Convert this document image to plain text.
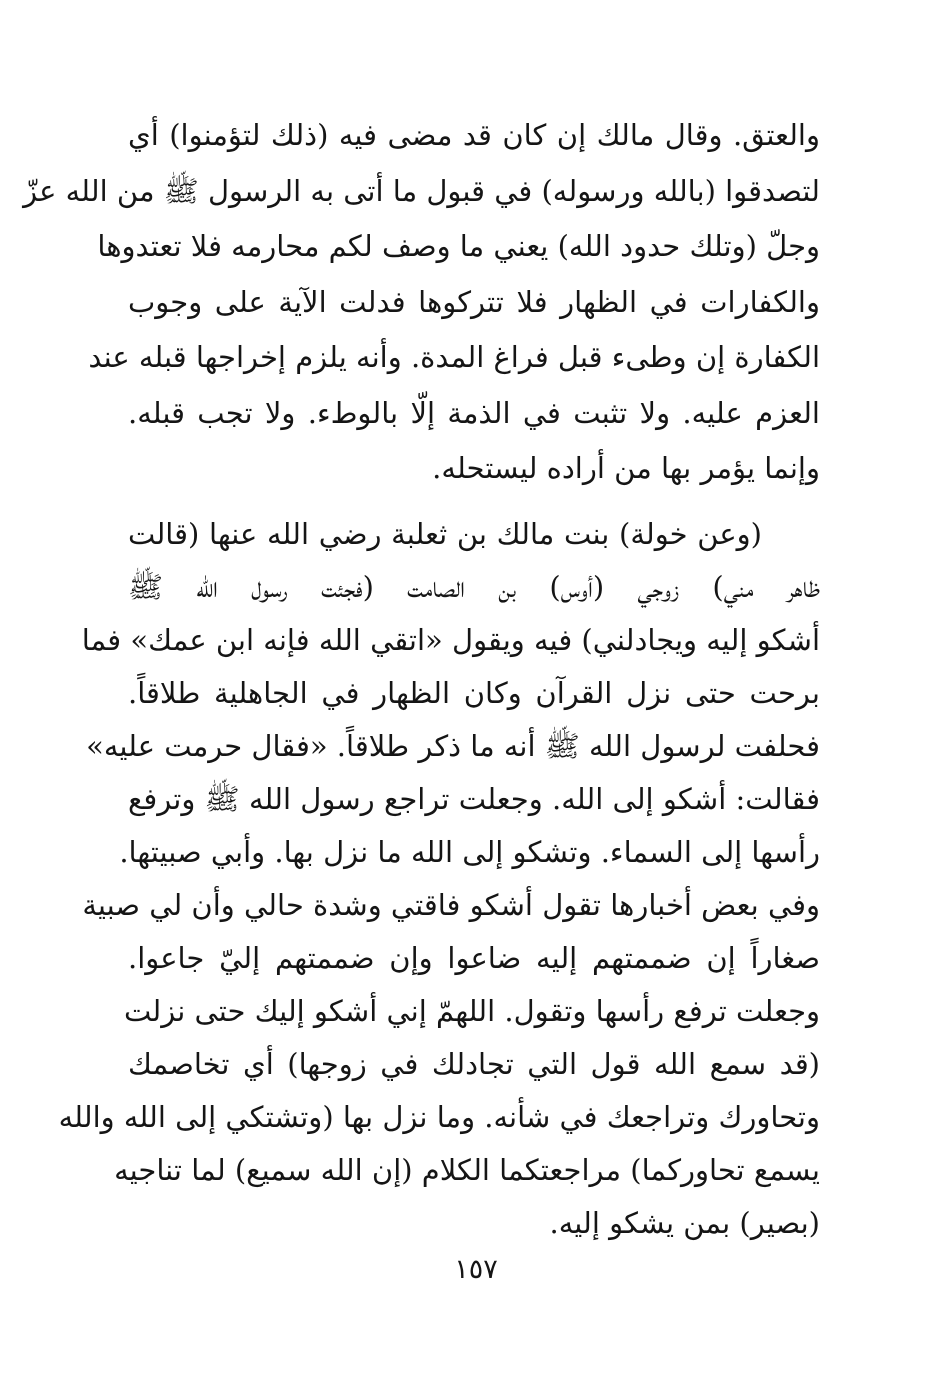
والعتق. وقال مالك إن كان قد مضى فيه (ذلك لتؤمنوا) أي
لتصدقوا (بالله ورسوله) في قبول ما أتى به الرسول ﷺ من الله عزّ
وجلّ (وتلك حدود الله) يعني ما وصف لكم محارمه فلا تعتدوها
والكفارات في الظهار فلا تتركوها فدلت الآية على وجوب
الكفارة إن وطىء قبل فراغ المدة. وأنه يلزم إخراجها قبله عند
العزم عليه. ولا تثبت في الذمة إلّا بالوطء. ولا تجب قبله.
وإنما يؤمر بها من أراده ليستحله.
(وعن خولة) بنت مالك بن ثعلبة رضي الله عنها (قالت
ظاهر مني) زوجي (أوس) بن الصامت (فجئت رسول الله ﷺ
أشكو إليه ويجادلني) فيه ويقول «اتقي الله فإنه ابن عمك» فما
برحت حتى نزل القرآن وكان الظهار في الجاهلية طلاقاً.
فحلفت لرسول الله ﷺ أنه ما ذكر طلاقاً. «فقال حرمت عليه»
فقالت: أشكو إلى الله. وجعلت تراجع رسول الله ﷺ وترفع
رأسها إلى السماء. وتشكو إلى الله ما نزل بها. وأبي صبيتها.
وفي بعض أخبارها تقول أشكو فاقتي وشدة حالي وأن لي صبية
صغاراً إن ضممتهم إليه ضاعوا وإن ضممتهم إليّ جاعوا.
وجعلت ترفع رأسها وتقول. اللهمّ إني أشكو إليك حتى نزلت
(قد سمع الله قول التي تجادلك في زوجها) أي تخاصمك
وتحاورك وتراجعك في شأنه. وما نزل بها (وتشتكي إلى الله والله
يسمع تحاوركما) مراجعتكما الكلام (إن الله سميع) لما تناجيه
(بصير) بمن يشكو إليه.
١٥٧
